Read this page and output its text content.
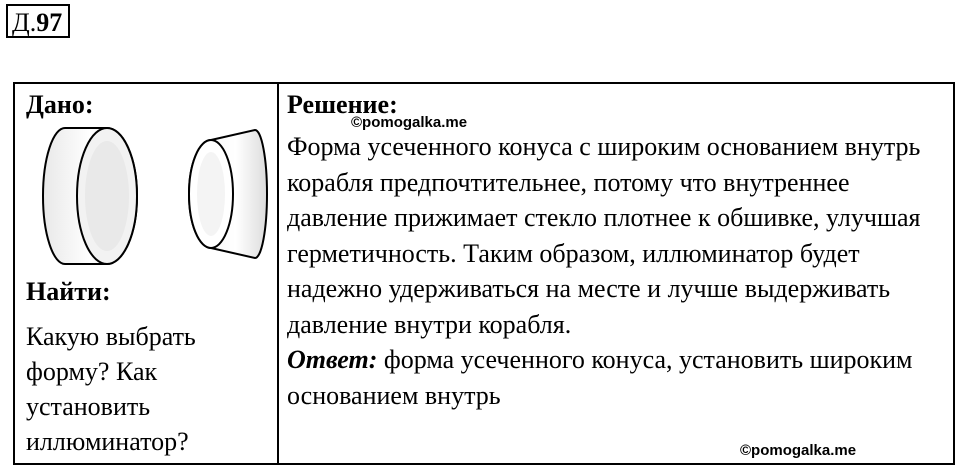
Д.97
Дано:
Найти:
Какую выбрать форму? Как установить иллюминатор?
Решение:
©pomogalka.me
Форма усеченного конуса с широким основанием внутрь корабля предпочтительнее, потому что внутреннее давление прижимает стекло плотнее к обшивке, улучшая герметичность. Таким образом, иллюминатор будет надежно удерживаться на месте и лучше выдерживать давление внутри корабля.
Ответ: форма усеченного конуса, установить широким основанием внутрь
©pomogalka.me
